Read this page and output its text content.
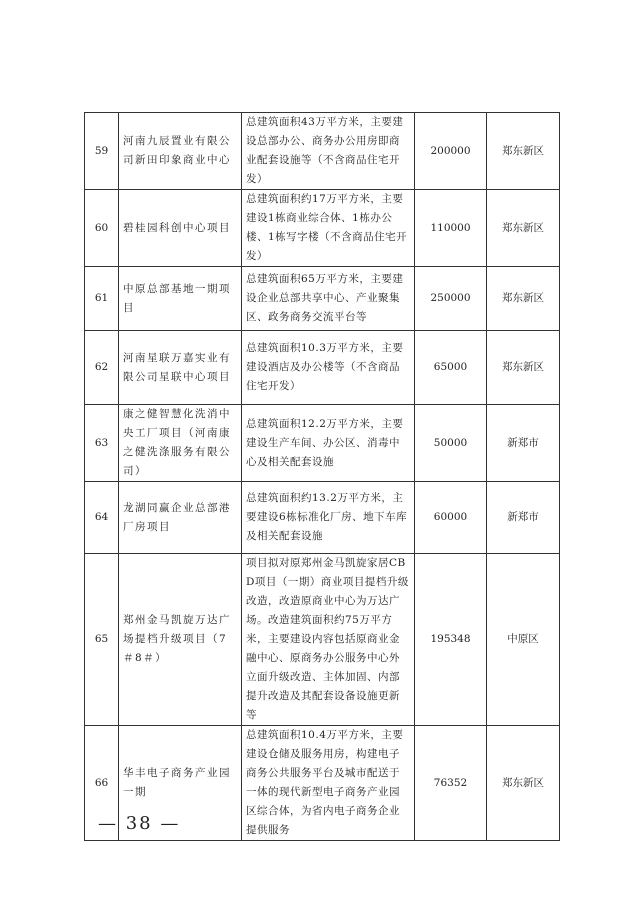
59	河南九辰置业有限公司新田印象商业中心	总建筑面积43万平方米，主要建设总部办公、商务办公用房即商业配套设施等（不含商品住宅开发）	200000	郑东新区
60	碧桂园科创中心项目	总建筑面积约17万平方米，主要建设1栋商业综合体、1栋办公楼、1栋写字楼（不含商品住宅开发）	110000	郑东新区
61	中原总部基地一期项目	总建筑面积65万平方米，主要建设企业总部共享中心、产业聚集区、政务商务交流平台等	250000	郑东新区
62	河南星联万嘉实业有限公司星联中心项目	总建筑面积10.3万平方米，主要建设酒店及办公楼等（不含商品住宅开发）	65000	郑东新区
63	康之健智慧化洗消中央工厂项目（河南康之健洗涤服务有限公司）	总建筑面积12.2万平方米，主要建设生产车间、办公区、消毒中心及相关配套设施	50000	新郑市
64	龙湖同赢企业总部港厂房项目	总建筑面积约13.2万平方米，主要建设6栋标准化厂房、地下车库及相关配套设施	60000	新郑市
65	郑州金马凯旋万达广场提档升级项目（7＃8＃）	项目拟对原郑州金马凯旋家居CBD项目（一期）商业项目提档升级改造，改造原商业中心为万达广场。改造建筑面积约75万平方米，主要建设内容包括原商业金融中心、原商务办公服务中心外立面升级改造、主体加固、内部提升改造及其配套设备设施更新等	195348	中原区
66	华丰电子商务产业园一期	总建筑面积10.4万平方米，主要建设仓储及服务用房，构建电子商务公共服务平台及城市配送于一体的现代新型电子商务产业园区综合体，为省内电子商务企业提供服务	76352	郑东新区
— 38 —
